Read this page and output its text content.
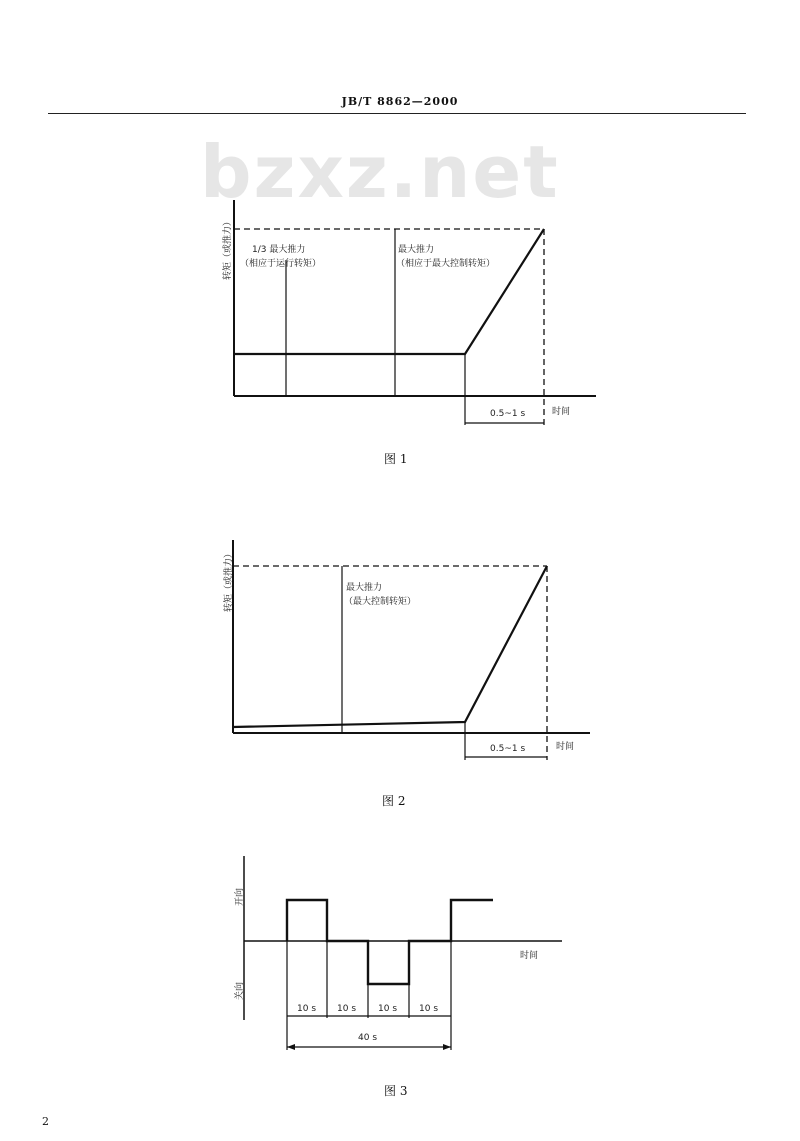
JB/T 8862—2000
bzxz.net
转矩（或推力） 1/3 最大推力
（相应于运行转矩）
最大推力
（相应于最大控制转矩）
0.5~1 s	时间
图 1
转矩（或推力）	最大推力
（最大控制转矩）
0.5~1 s	时间
图 2
开向
关向
时间
10 s 10 s 10 s 10 s
40 s
图 3
2
